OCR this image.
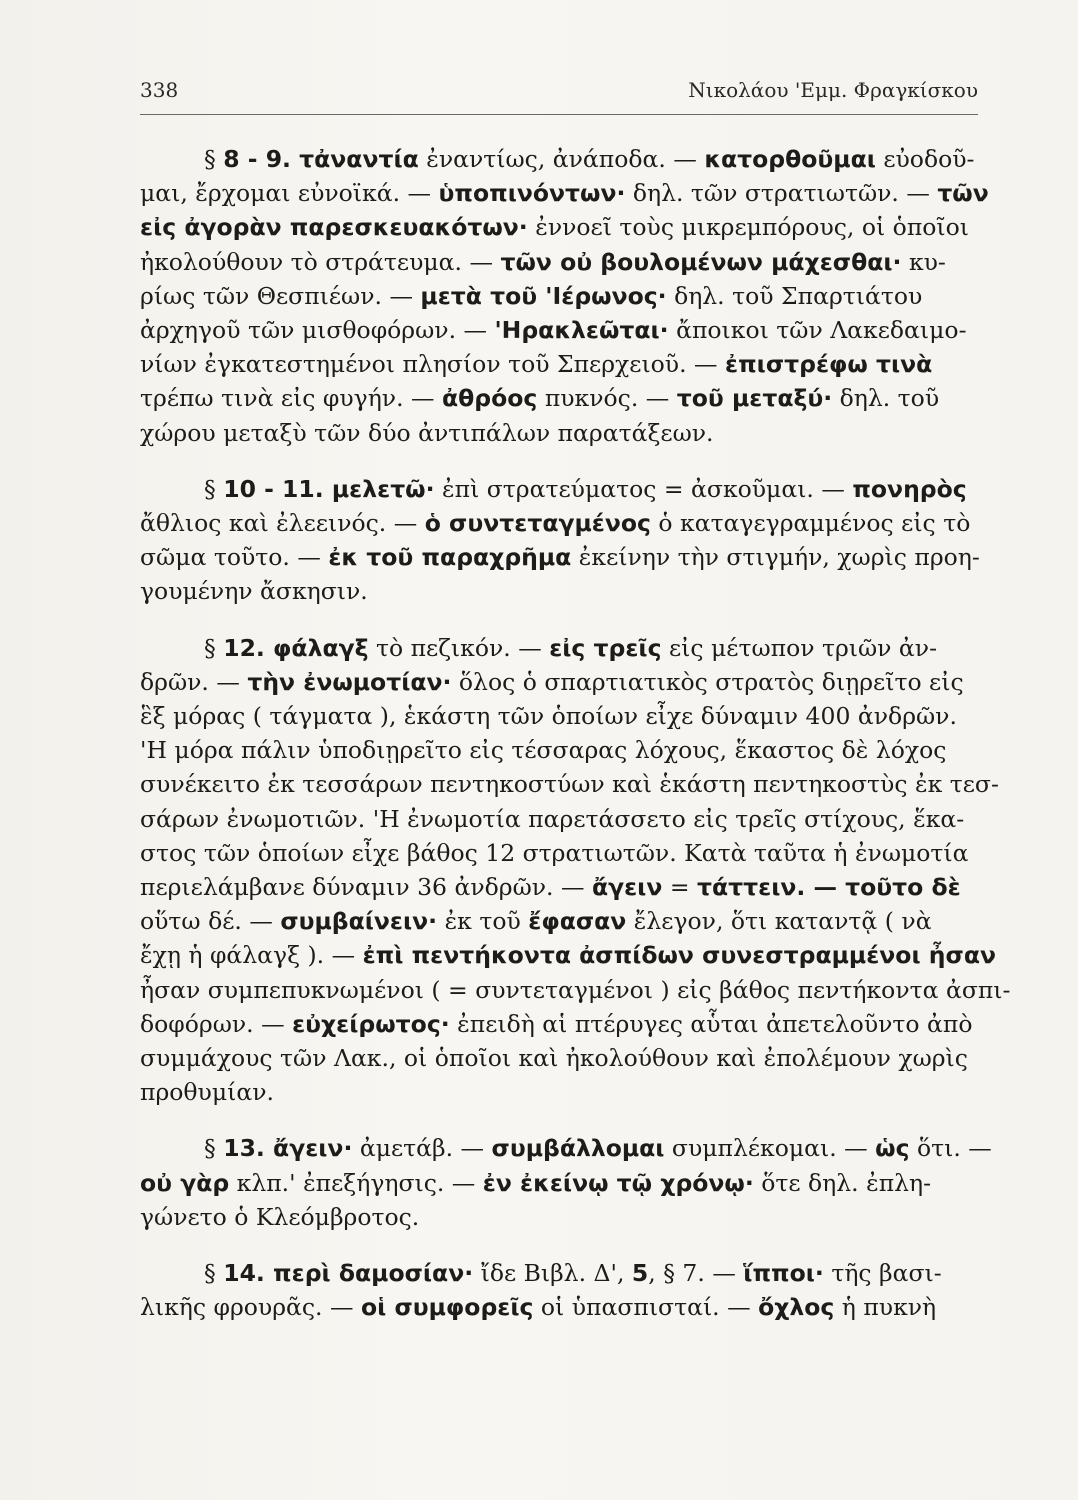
338	Νικολάου 'Εμμ. Φραγκίσκου
§ 8 - 9. τἀναντία ἐναντίως, ἀνάποδα. — κατορθοῦμαι εὐοδοῦ-
μαι, ἔρχομαι εὐνοϊκά. — ὑποπινόντων· δηλ. τῶν στρατιωτῶν. — τῶν
εἰς ἀγορὰν παρεσκευακότων· ἐννοεῖ τοὺς μικρεμπόρους, οἱ ὁποῖοι
ἠκολούθουν τὸ στράτευμα. — τῶν οὐ βουλομένων μάχεσθαι· κυ-
ρίως τῶν Θεσπιέων. — μετὰ τοῦ 'Ιέρωνος· δηλ. τοῦ Σπαρτιάτου
ἀρχηγοῦ τῶν μισθοφόρων. — 'Ηρακλεῶται· ἄποικοι τῶν Λακεδαιμο-
νίων ἐγκατεστημένοι πλησίον τοῦ Σπερχειοῦ. — ἐπιστρέφω τινὰ
τρέπω τινὰ εἰς φυγήν. — ἀθρόος πυκνός. — τοῦ μεταξύ· δηλ. τοῦ
χώρου μεταξὺ τῶν δύο ἀντιπάλων παρατάξεων.
§ 10 - 11. μελετῶ· ἐπὶ στρατεύματος = ἀσκοῦμαι. — πονηρὸς
ἄθλιος καὶ ἐλεεινός. — ὁ συντεταγμένος ὁ καταγεγραμμένος εἰς τὸ
σῶμα τοῦτο. — ἐκ τοῦ παραχρῆμα ἐκείνην τὴν στιγμήν, χωρὶς προη-
γουμένην ἄσκησιν.
§ 12. φάλαγξ τὸ πεζικόν. — εἰς τρεῖς εἰς μέτωπον τριῶν ἀν-
δρῶν. — τὴν ἐνωμοτίαν· ὅλος ὁ σπαρτιατικὸς στρατὸς διῃρεῖτο εἰς
ἓξ μόρας ( τάγματα ), ἑκάστη τῶν ὁποίων εἶχε δύναμιν 400 ἀνδρῶν.
'Η μόρα πάλιν ὑποδιῃρεῖτο εἰς τέσσαρας λόχους, ἕκαστος δὲ λόχος
συνέκειτο ἐκ τεσσάρων πεντηκοστύων καὶ ἑκάστη πεντηκοστὺς ἐκ τεσ-
σάρων ἐνωμοτιῶν. 'Η ἐνωμοτία παρετάσσετο εἰς τρεῖς στίχους, ἕκα-
στος τῶν ὁποίων εἶχε βάθος 12 στρατιωτῶν. Κατὰ ταῦτα ἡ ἐνωμοτία
περιελάμβανε δύναμιν 36 ἀνδρῶν. — ἄγειν = τάττειν. — τοῦτο δὲ
οὕτω δέ. — συμβαίνειν· ἐκ τοῦ ἔφασαν ἔλεγον, ὅτι καταντᾷ ( νὰ
ἔχῃ ἡ φάλαγξ ). — ἐπὶ πεντήκοντα ἀσπίδων συνεστραμμένοι ἦσαν
ἦσαν συμπεπυκνωμένοι ( = συντεταγμένοι ) εἰς βάθος πεντήκοντα ἀσπι-
δοφόρων. — εὐχείρωτος· ἐπειδὴ αἱ πτέρυγες αὗται ἀπετελοῦντο ἀπὸ
συμμάχους τῶν Λακ., οἱ ὁποῖοι καὶ ἠκολούθουν καὶ ἐπολέμουν χωρὶς
προθυμίαν.
§ 13. ἄγειν· ἀμετάβ. — συμβάλλομαι συμπλέκομαι. — ὡς ὅτι. —
οὐ γὰρ κλπ.' ἐπεξήγησις. — ἐν ἐκείνῳ τῷ χρόνῳ· ὅτε δηλ. ἐπλη-
γώνετο ὁ Κλεόμβροτος.
§ 14. περὶ δαμοσίαν· ἴδε Βιβλ. Δ', 5, § 7. — ἵπποι· τῆς βασι-
λικῆς φρουρᾶς. — οἱ συμφορεῖς οἱ ὑπασπισταί. — ὄχλος ἡ πυκνὴ
